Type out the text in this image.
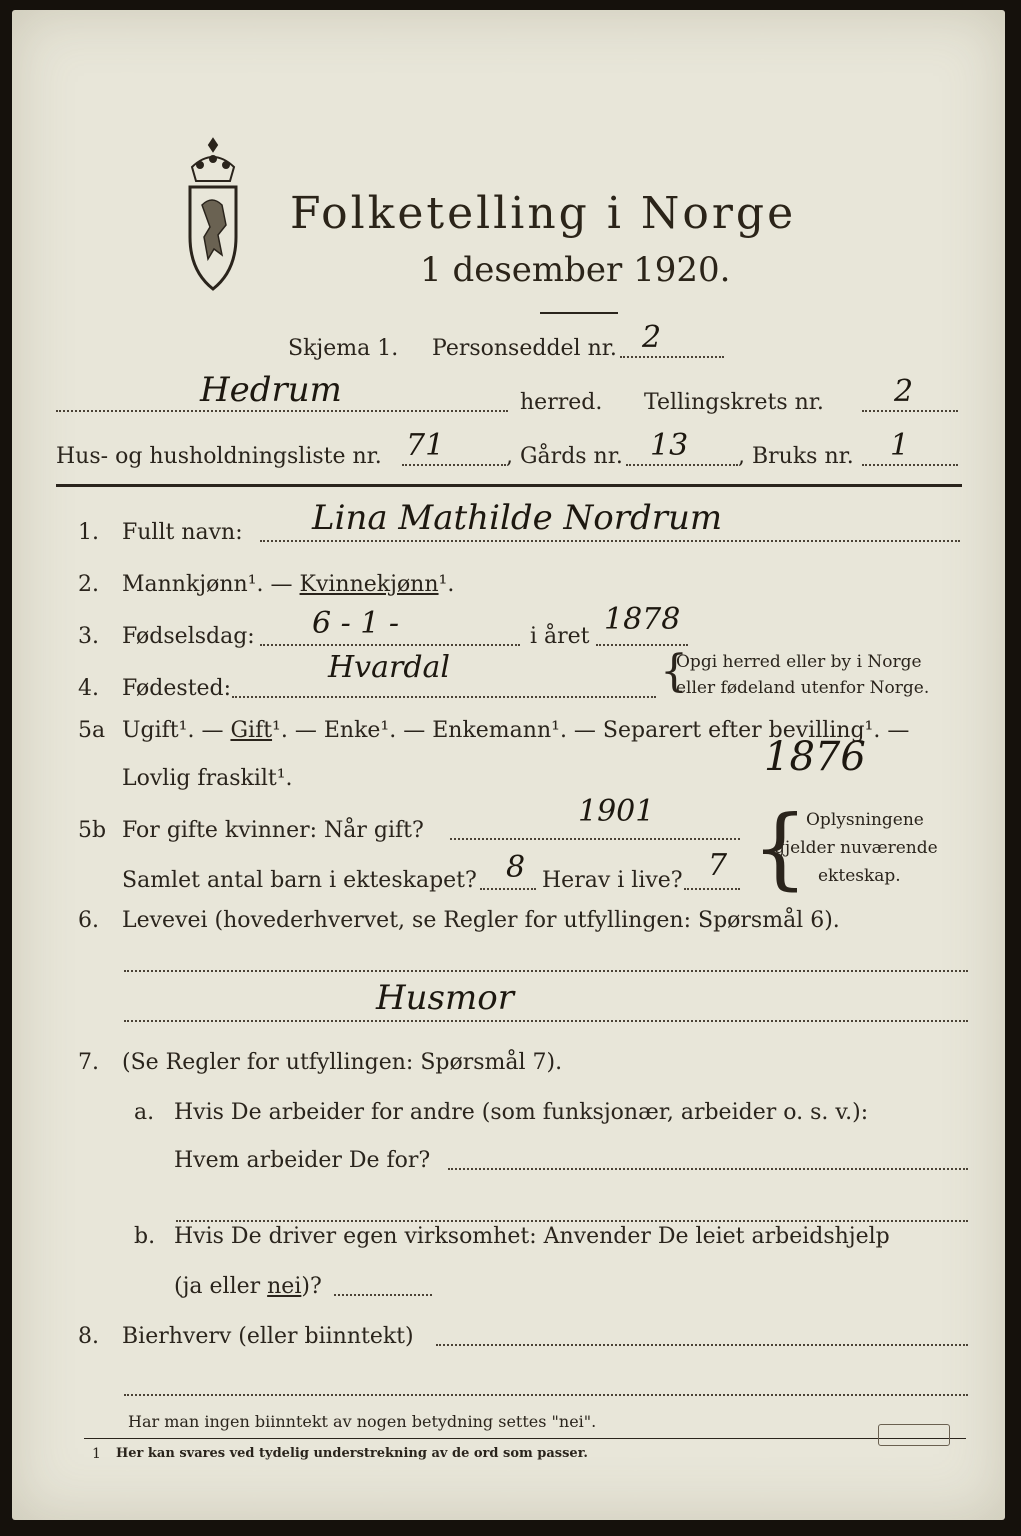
Folketelling i Norge
1 desember 1920.
Skjema 1. Personseddel nr. 2
Hedrum	herred. Tellingskrets nr. 2
Hus- og husholdningsliste nr. 71	, Gårds nr. 13 , Bruks nr. 1
1. Fullt navn: Lina Mathilde Nordrum
2. Mannkjønn¹. — Kvinnekjønn¹.
3. Fødselsdag: 6 - 1 -	i året 1878
4. Fødested:
Hvardal	{
Opgi herred eller by i Norge
eller fødeland utenfor Norge.
5a Ugift¹. — Gift¹. — Enke¹. — Enkemann¹. — Separert efter bevilling¹. —
Lovlig fraskilt¹.	1876
5b For gifte kvinner: Når gift?
1901
Samlet antal barn i ekteskapet? 8 Herav i live? 7 {
Oplysningene
gjelder nuværende
ekteskap.
6. Levevei (hovederhvervet, se Regler for utfyllingen: Spørsmål 6).
Husmor
7. (Se Regler for utfyllingen: Spørsmål 7).
a. Hvis De arbeider for andre (som funksjonær, arbeider o. s. v.):
Hvem arbeider De for?
b. Hvis De driver egen virksomhet: Anvender De leiet arbeidshjelp
(ja eller nei)?
8. Bierhverv (eller biinntekt)
Har man ingen biinntekt av nogen betydning settes "nei".
1 Her kan svares ved tydelig understrekning av de ord som passer.
